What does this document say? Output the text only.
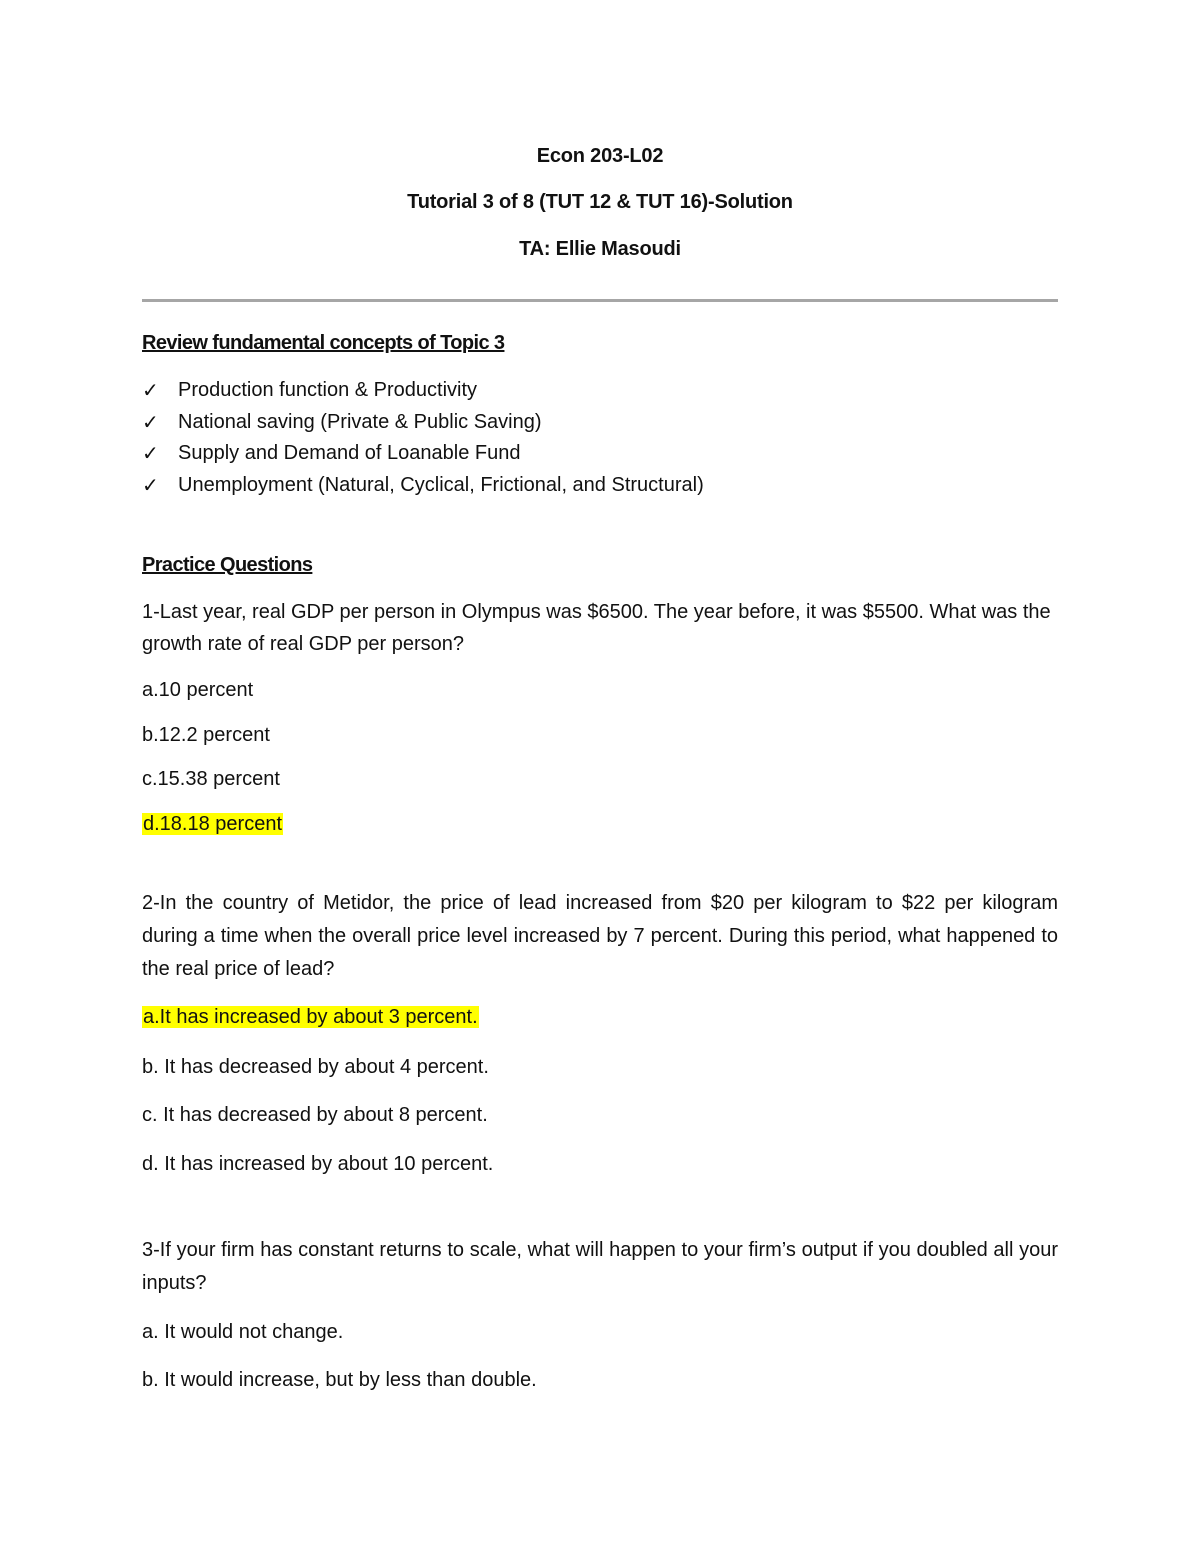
Econ 203-L02
Tutorial 3 of 8 (TUT 12 & TUT 16)-Solution
TA: Ellie Masoudi
Review fundamental concepts of Topic 3
✓ Production function & Productivity
✓ National saving (Private & Public Saving)
✓ Supply and Demand of Loanable Fund
✓ Unemployment (Natural, Cyclical, Frictional, and Structural)
Practice Questions
1-Last year, real GDP per person in Olympus was $6500. The year before, it was $5500. What was the growth rate of real GDP per person?
a.10 percent
b.12.2 percent
c.15.38 percent
d.18.18 percent
2-In the country of Metidor, the price of lead increased from $20 per kilogram to $22 per kilogram during a time when the overall price level increased by 7 percent. During this period, what happened to the real price of lead?
a.It has increased by about 3 percent.
b. It has decreased by about 4 percent.
c. It has decreased by about 8 percent.
d. It has increased by about 10 percent.
3-If your firm has constant returns to scale, what will happen to your firm’s output if you doubled all your inputs?
a. It would not change.
b. It would increase, but by less than double.
